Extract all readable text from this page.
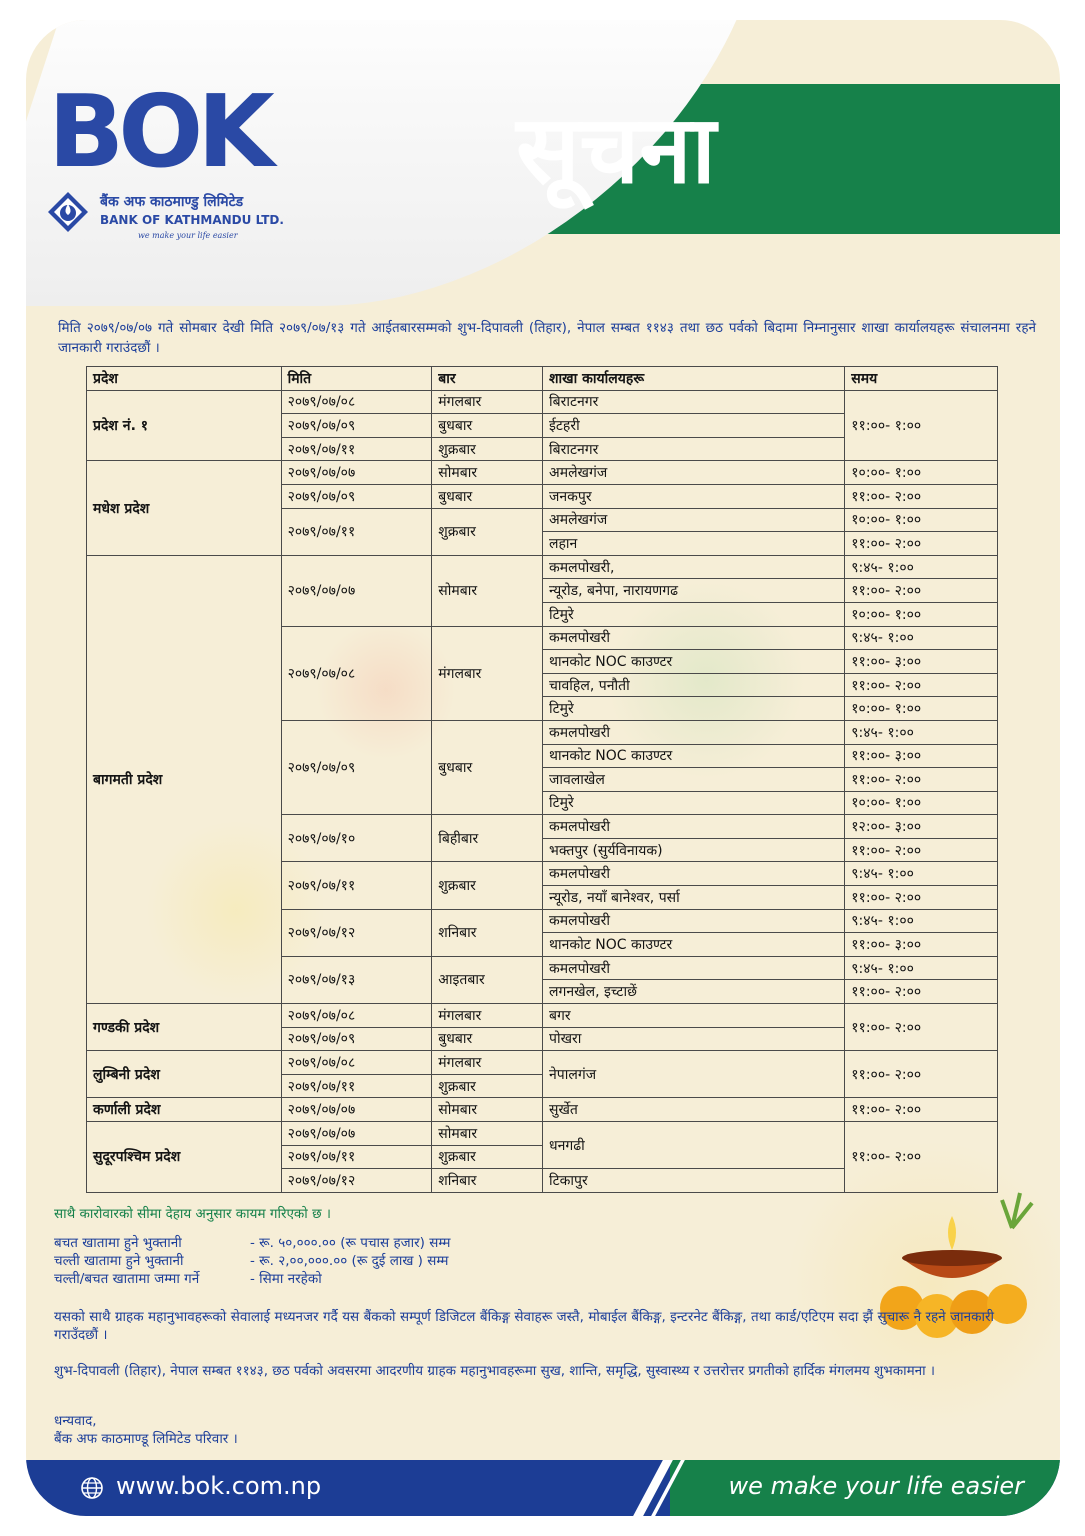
BOK
बैंक अफ काठमाण्डु लिमिटेड
BANK OF KATHMANDU LTD.
we make your life easier
सूचना
मिति २०७९/०७/०७ गते सोमबार देखी मिति २०७९/०७/१३ गते आईतबारसम्मको शुभ-दिपावली (तिहार), नेपाल सम्बत ११४३ तथा छठ पर्वको बिदामा निम्नानुसार शाखा कार्यालयहरू संचालनमा रहने जानकारी गराउंदछौं ।
प्रदेश	मिति	बार	शाखा कार्यालयहरू	समय
प्रदेश नं. १	२०७९/०७/०८	मंगलबार	बिराटनगर	११:००- १:००
	२०७९/०७/०९	बुधबार	ईटहरी	
	२०७९/०७/११	शुक्रबार	बिराटनगर	
मधेश प्रदेश	२०७९/०७/०७	सोमबार	अमलेखगंज	१०:००- १:००
	२०७९/०७/०९	बुधबार	जनकपुर	११:००- २:००
	२०७९/०७/११	शुक्रबार	अमलेखगंज	१०:००- १:००
			लहान	११:००- २:००
बागमती प्रदेश	२०७९/०७/०७	सोमबार	कमलपोखरी,	९:४५- १:००
			न्यूरोड, बनेपा, नारायणगढ	११:००- २:००
			टिमुरे	१०:००- १:००
	२०७९/०७/०८	मंगलबार	कमलपोखरी	९:४५- १:००
			थानकोट NOC काउण्टर	११:००- ३:००
			चावहिल, पनौती	११:००- २:००
			टिमुरे	१०:००- १:००
	२०७९/०७/०९	बुधबार	कमलपोखरी	९:४५- १:००
			थानकोट NOC काउण्टर	११:००- ३:००
			जावलाखेल	११:००- २:००
			टिमुरे	१०:००- १:००
	२०७९/०७/१०	बिहीबार	कमलपोखरी	१२:००- ३:००
			भक्तपुर (सुर्यविनायक)	११:००- २:००
	२०७९/०७/११	शुक्रबार	कमलपोखरी	९:४५- १:००
			न्यूरोड, नयाँ बानेश्वर, पर्सा	११:००- २:००
	२०७९/०७/१२	शनिबार	कमलपोखरी	९:४५- १:००
			थानकोट NOC काउण्टर	११:००- ३:००
	२०७९/०७/१३	आइतबार	कमलपोखरी	९:४५- १:००
			लगनखेल, इच्टाछें	११:००- २:००
गण्डकी प्रदेश	२०७९/०७/०८	मंगलबार	बगर	११:००- २:००
	२०७९/०७/०९	बुधबार	पोखरा	
लुम्बिनी प्रदेश	२०७९/०७/०८	मंगलबार	नेपालगंज	११:००- २:००
	२०७९/०७/११	शुक्रबार		
कर्णाली प्रदेश	२०७९/०७/०७	सोमबार	सुर्खेत	११:००- २:००
सुदूरपश्चिम प्रदेश	२०७९/०७/०७	सोमबार	धनगढी	११:००- २:००
	२०७९/०७/११	शुक्रबार		
	२०७९/०७/१२	शनिबार	टिकापुर	
साथै कारोवारको सीमा देहाय अनुसार कायम गरिएको छ ।
बचत खातामा हुने भुक्तानी	- रू. ५०,०००.०० (रू पचास हजार) सम्म
चल्ती खातामा हुने भुक्तानी	- रू. २,००,०००.०० (रू दुई लाख ) सम्म
चल्ती/बचत खातामा जम्मा गर्ने	- सिमा नरहेको
यसको साथै ग्राहक महानुभावहरूको सेवालाई मध्यनजर गर्दै यस बैंकको सम्पूर्ण डिजिटल बैंकिङ्ग सेवाहरू जस्तै, मोबाईल बैंकिङ्ग, इन्टरनेट बैंकिङ्ग, तथा कार्ड/एटिएम सदा झैं सुचारू नै रहने जानकारी गराउँदछौं ।
शुभ-दिपावली (तिहार), नेपाल सम्बत ११४३, छठ पर्वको अवसरमा आदरणीय ग्राहक महानुभावहरूमा सुख, शान्ति, समृद्धि, सुस्वास्थ्य र उत्तरोत्तर प्रगतीको हार्दिक मंगलमय शुभकामना ।
धन्यवाद,
बैंक अफ काठमाण्डू लिमिटेड परिवार ।
www.bok.com.np	we make your life easier
